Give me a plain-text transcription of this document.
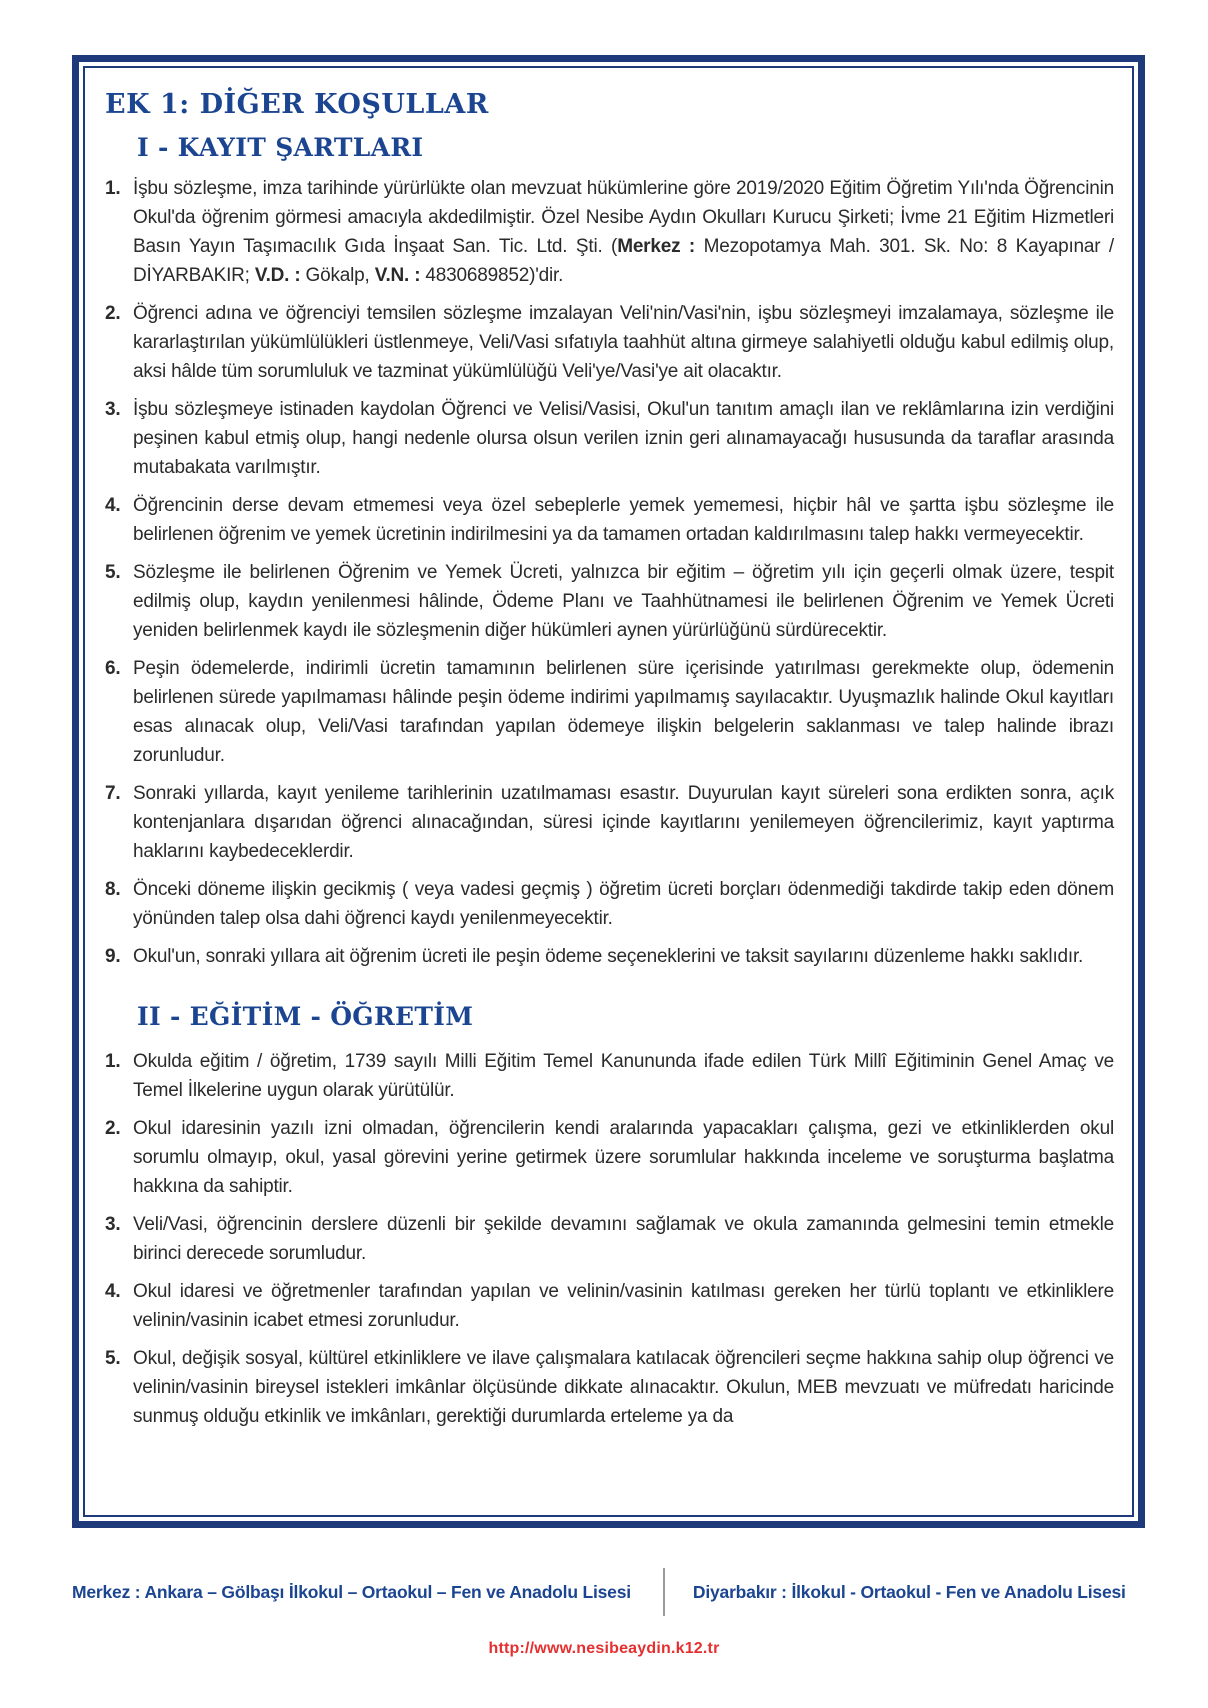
EK 1: DİĞER KOŞULLAR
I - KAYIT ŞARTLARI
1. İşbu sözleşme, imza tarihinde yürürlükte olan mevzuat hükümlerine göre 2019/2020 Eğitim Öğretim Yılı'nda Öğrencinin Okul'da öğrenim görmesi amacıyla akdedilmiştir. Özel Nesibe Aydın Okulları Kurucu Şirketi; İvme 21 Eğitim Hizmetleri Basın Yayın Taşımacılık Gıda İnşaat San. Tic. Ltd. Şti. (Merkez : Mezopotamya Mah. 301. Sk. No: 8 Kayapınar / DİYARBAKIR; V.D. : Gökalp, V.N. : 4830689852)'dir.

2. Öğrenci adına ve öğrenciyi temsilen sözleşme imzalayan Veli'nin/Vasi'nin, işbu sözleşmeyi imzalamaya, sözleşme ile kararlaştırılan yükümlülükleri üstlenmeye, Veli/Vasi sıfatıyla taahhüt altına girmeye salahiyetli olduğu kabul edilmiş olup, aksi hâlde tüm sorumluluk ve tazminat yükümlülüğü Veli'ye/Vasi'ye ait olacaktır.

3. İşbu sözleşmeye istinaden kaydolan Öğrenci ve Velisi/Vasisi, Okul'un tanıtım amaçlı ilan ve reklâmlarına izin verdiğini peşinen kabul etmiş olup, hangi nedenle olursa olsun verilen iznin geri alınamayacağı hususunda da taraflar arasında mutabakata varılmıştır.

4. Öğrencinin derse devam etmemesi veya özel sebeplerle yemek yememesi, hiçbir hâl ve şartta işbu sözleşme ile belirlenen öğrenim ve yemek ücretinin indirilmesini ya da tamamen ortadan kaldırılmasını talep hakkı vermeyecektir.

5. Sözleşme ile belirlenen Öğrenim ve Yemek Ücreti, yalnızca bir eğitim – öğretim yılı için geçerli olmak üzere, tespit edilmiş olup, kaydın yenilenmesi hâlinde, Ödeme Planı ve Taahhütnamesi ile belirlenen Öğrenim ve Yemek Ücreti yeniden belirlenmek kaydı ile sözleşmenin diğer hükümleri aynen yürürlüğünü sürdürecektir.

6. Peşin ödemelerde, indirimli ücretin tamamının belirlenen süre içerisinde yatırılması gerekmekte olup, ödemenin belirlenen sürede yapılmaması hâlinde peşin ödeme indirimi yapılmamış sayılacaktır. Uyuşmazlık halinde Okul kayıtları esas alınacak olup, Veli/Vasi tarafından yapılan ödemeye ilişkin belgelerin saklanması ve talep halinde ibrazı zorunludur.

7. Sonraki yıllarda, kayıt yenileme tarihlerinin uzatılmaması esastır. Duyurulan kayıt süreleri sona erdikten sonra, açık kontenjanlara dışarıdan öğrenci alınacağından, süresi içinde kayıtlarını yenilemeyen öğrencilerimiz, kayıt yaptırma haklarını kaybedeceklerdir.

8. Önceki döneme ilişkin gecikmiş ( veya vadesi geçmiş ) öğretim ücreti borçları ödenmediği takdirde takip eden dönem yönünden talep olsa dahi öğrenci kaydı yenilenmeyecektir.

9. Okul'un, sonraki yıllara ait öğrenim ücreti ile peşin ödeme seçeneklerini ve taksit sayılarını düzenleme hakkı saklıdır.

II - EĞİTİM - ÖĞRETİM
1. Okulda eğitim / öğretim, 1739 sayılı Milli Eğitim Temel Kanununda ifade edilen Türk Millî Eğitiminin Genel Amaç ve Temel İlkelerine uygun olarak yürütülür.

2. Okul idaresinin yazılı izni olmadan, öğrencilerin kendi aralarında yapacakları çalışma, gezi ve etkinliklerden okul sorumlu olmayıp, okul, yasal görevini yerine getirmek üzere sorumlular hakkında inceleme ve soruşturma başlatma hakkına da sahiptir.

3. Veli/Vasi, öğrencinin derslere düzenli bir şekilde devamını sağlamak ve okula zamanında gelmesini temin etmekle birinci derecede sorumludur.

4. Okul idaresi ve öğretmenler tarafından yapılan ve velinin/vasinin katılması gereken her türlü toplantı ve etkinliklere velinin/vasinin icabet etmesi zorunludur.

5. Okul, değişik sosyal, kültürel etkinliklere ve ilave çalışmalara katılacak öğrencileri seçme hakkına sahip olup öğrenci ve velinin/vasinin bireysel istekleri imkânlar ölçüsünde dikkate alınacaktır. Okulun, MEB mevzuatı ve müfredatı haricinde sunmuş olduğu etkinlik ve imkânları, gerektiği durumlarda erteleme ya da

Merkez : Ankara – Gölbaşı İlkokul – Ortaokul – Fen ve Anadolu Lisesi	Diyarbakır : İlkokul - Ortaokul - Fen ve Anadolu Lisesi
http://www.nesibeaydin.k12.tr
